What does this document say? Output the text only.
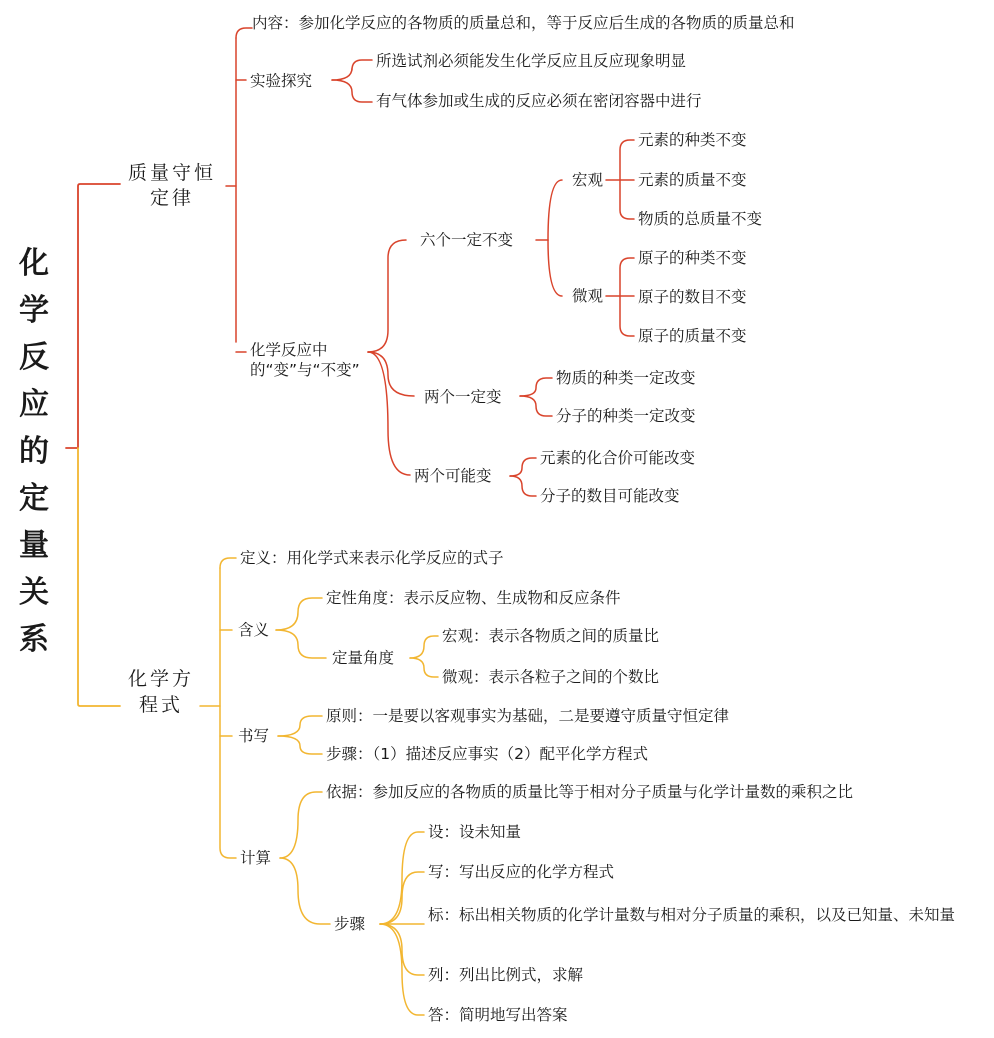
化学反应的定量关系
质量守恒定律
内容：参加化学反应的各物质的质量总和，等于反应后生成的各物质的质量总和
实验探究
所选试剂必须能发生化学反应且反应现象明显
有气体参加或生成的反应必须在密闭容器中进行
化学反应中的“变”与“不变”
六个一定不变
宏观
元素的种类不变
元素的质量不变
物质的总质量不变
微观
原子的种类不变
原子的数目不变
原子的质量不变
两个一定变
物质的种类一定改变
分子的种类一定改变
两个可能变
元素的化合价可能改变
分子的数目可能改变
化学方程式
定义：用化学式来表示化学反应的式子
含义
定性角度：表示反应物、生成物和反应条件
定量角度
宏观：表示各物质之间的质量比
微观：表示各粒子之间的个数比
书写
原则：一是要以客观事实为基础，二是要遵守质量守恒定律
步骤：（1）描述反应事实（2）配平化学方程式
计算
依据：参加反应的各物质的质量比等于相对分子质量与化学计量数的乘积之比
步骤
设：设未知量
写：写出反应的化学方程式
标：标出相关物质的化学计量数与相对分子质量的乘积，以及已知量、未知量
列：列出比例式，求解
答：简明地写出答案
